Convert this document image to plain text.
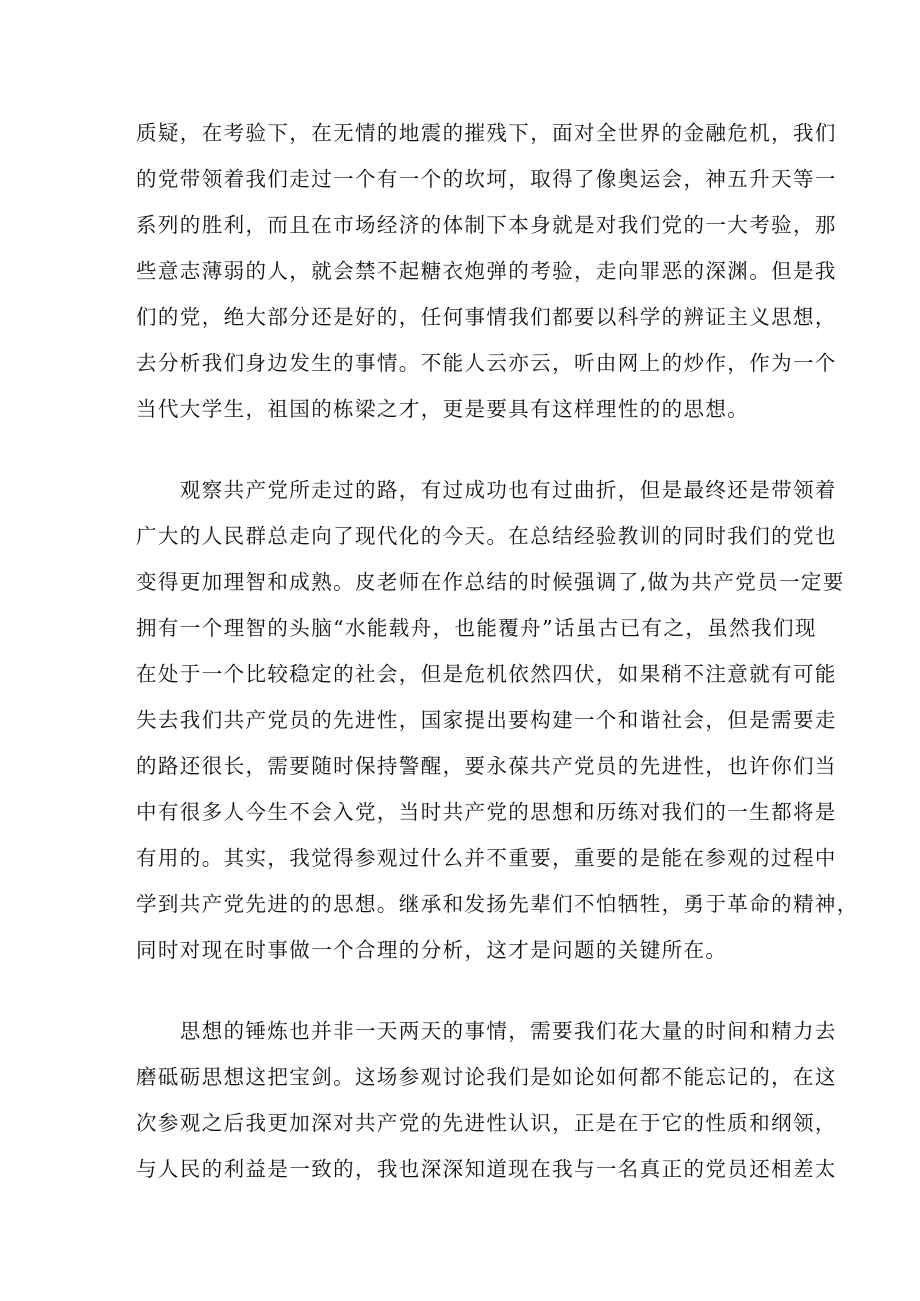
质疑，在考验下，在无情的地震的摧残下，面对全世界的金融危机，我们
的党带领着我们走过一个有一个的坎坷，取得了像奥运会，神五升天等一
系列的胜利，而且在市场经济的体制下本身就是对我们党的一大考验，那
些意志薄弱的人，就会禁不起糖衣炮弹的考验，走向罪恶的深渊。但是我
们的党，绝大部分还是好的，任何事情我们都要以科学的辨证主义思想，
去分析我们身边发生的事情。不能人云亦云，听由网上的炒作，作为一个
当代大学生，祖国的栋梁之才，更是要具有这样理性的的思想。
　　观察共产党所走过的路，有过成功也有过曲折，但是最终还是带领着
广大的人民群总走向了现代化的今天。在总结经验教训的同时我们的党也
变得更加理智和成熟。皮老师在作总结的时候强调了,做为共产党员一定要
拥有一个理智的头脑“水能载舟，也能覆舟”话虽古已有之，虽然我们现
在处于一个比较稳定的社会，但是危机依然四伏，如果稍不注意就有可能
失去我们共产党员的先进性，国家提出要构建一个和谐社会，但是需要走
的路还很长，需要随时保持警醒，要永葆共产党员的先进性，也许你们当
中有很多人今生不会入党，当时共产党的思想和历练对我们的一生都将是
有用的。其实，我觉得参观过什么并不重要，重要的是能在参观的过程中
学到共产党先进的的思想。继承和发扬先辈们不怕牺牲，勇于革命的精神，
同时对现在时事做一个合理的分析，这才是问题的关键所在。
　　思想的锤炼也并非一天两天的事情，需要我们花大量的时间和精力去
磨砥砺思想这把宝剑。这场参观讨论我们是如论如何都不能忘记的，在这
次参观之后我更加深对共产党的先进性认识，正是在于它的性质和纲领，
与人民的利益是一致的，我也深深知道现在我与一名真正的党员还相差太
